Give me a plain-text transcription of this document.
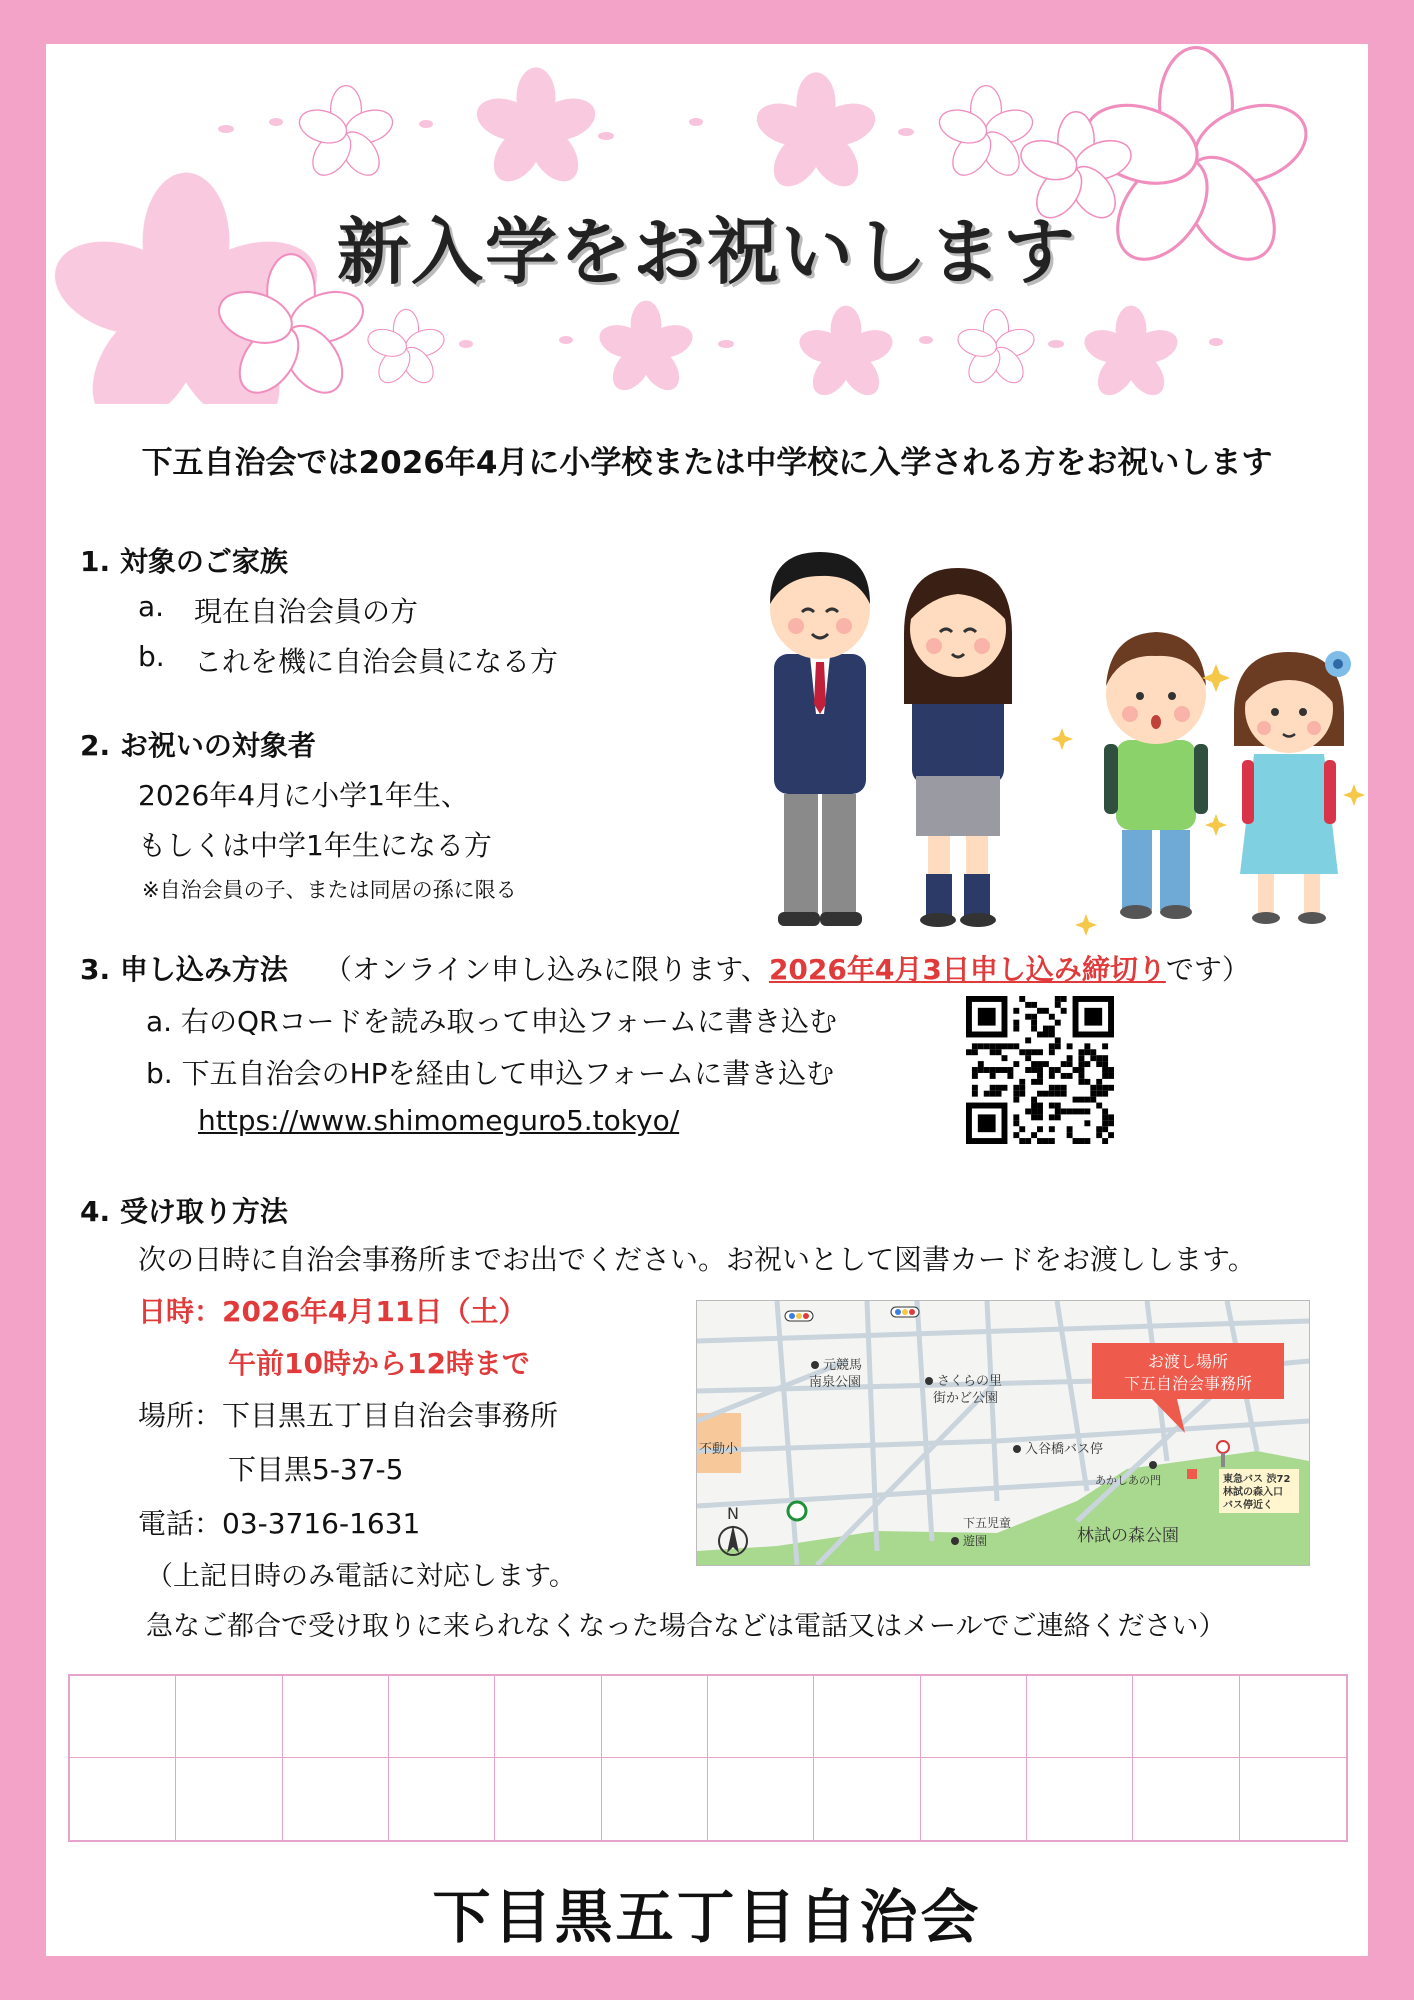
新入学をお祝いします
下五自治会では2026年4月に小学校または中学校に入学される方をお祝いします
1. 対象のご家族
a. 現在自治会員の方
b. これを機に自治会員になる方
2. お祝いの対象者
2026年4月に小学1年生、
もしくは中学1年生になる方
※自治会員の子、または同居の孫に限る
3. 申し込み方法 （オンライン申し込みに限ります、2026年4月3日申し込み締切りです）
a. 右のQRコードを読み取って申込フォームに書き込む
b. 下五自治会のHPを経由して申込フォームに書き込む
https://www.shimomeguro5.tokyo/
4. 受け取り方法
次の日時に自治会事務所までお出でください。お祝いとして図書カードをお渡しします。
日時：2026年4月11日（土）
午前10時から12時まで
場所：下目黒五丁目自治会事務所
下目黒5-37-5
電話：03-3716-1631
（上記日時のみ電話に対応します。
急なご都合で受け取りに来られなくなった場合などは電話又はメールでご連絡ください）
元競馬
南泉公園	さくらの里
街かど公園
不動小	入谷橋バス停
あかしあの門	東急バス 渋72
林試の森入口
バス停近く
下五児童
遊園	林試の森公園
お渡し場所
下五自治会事務所
N
下目黒五丁目自治会
